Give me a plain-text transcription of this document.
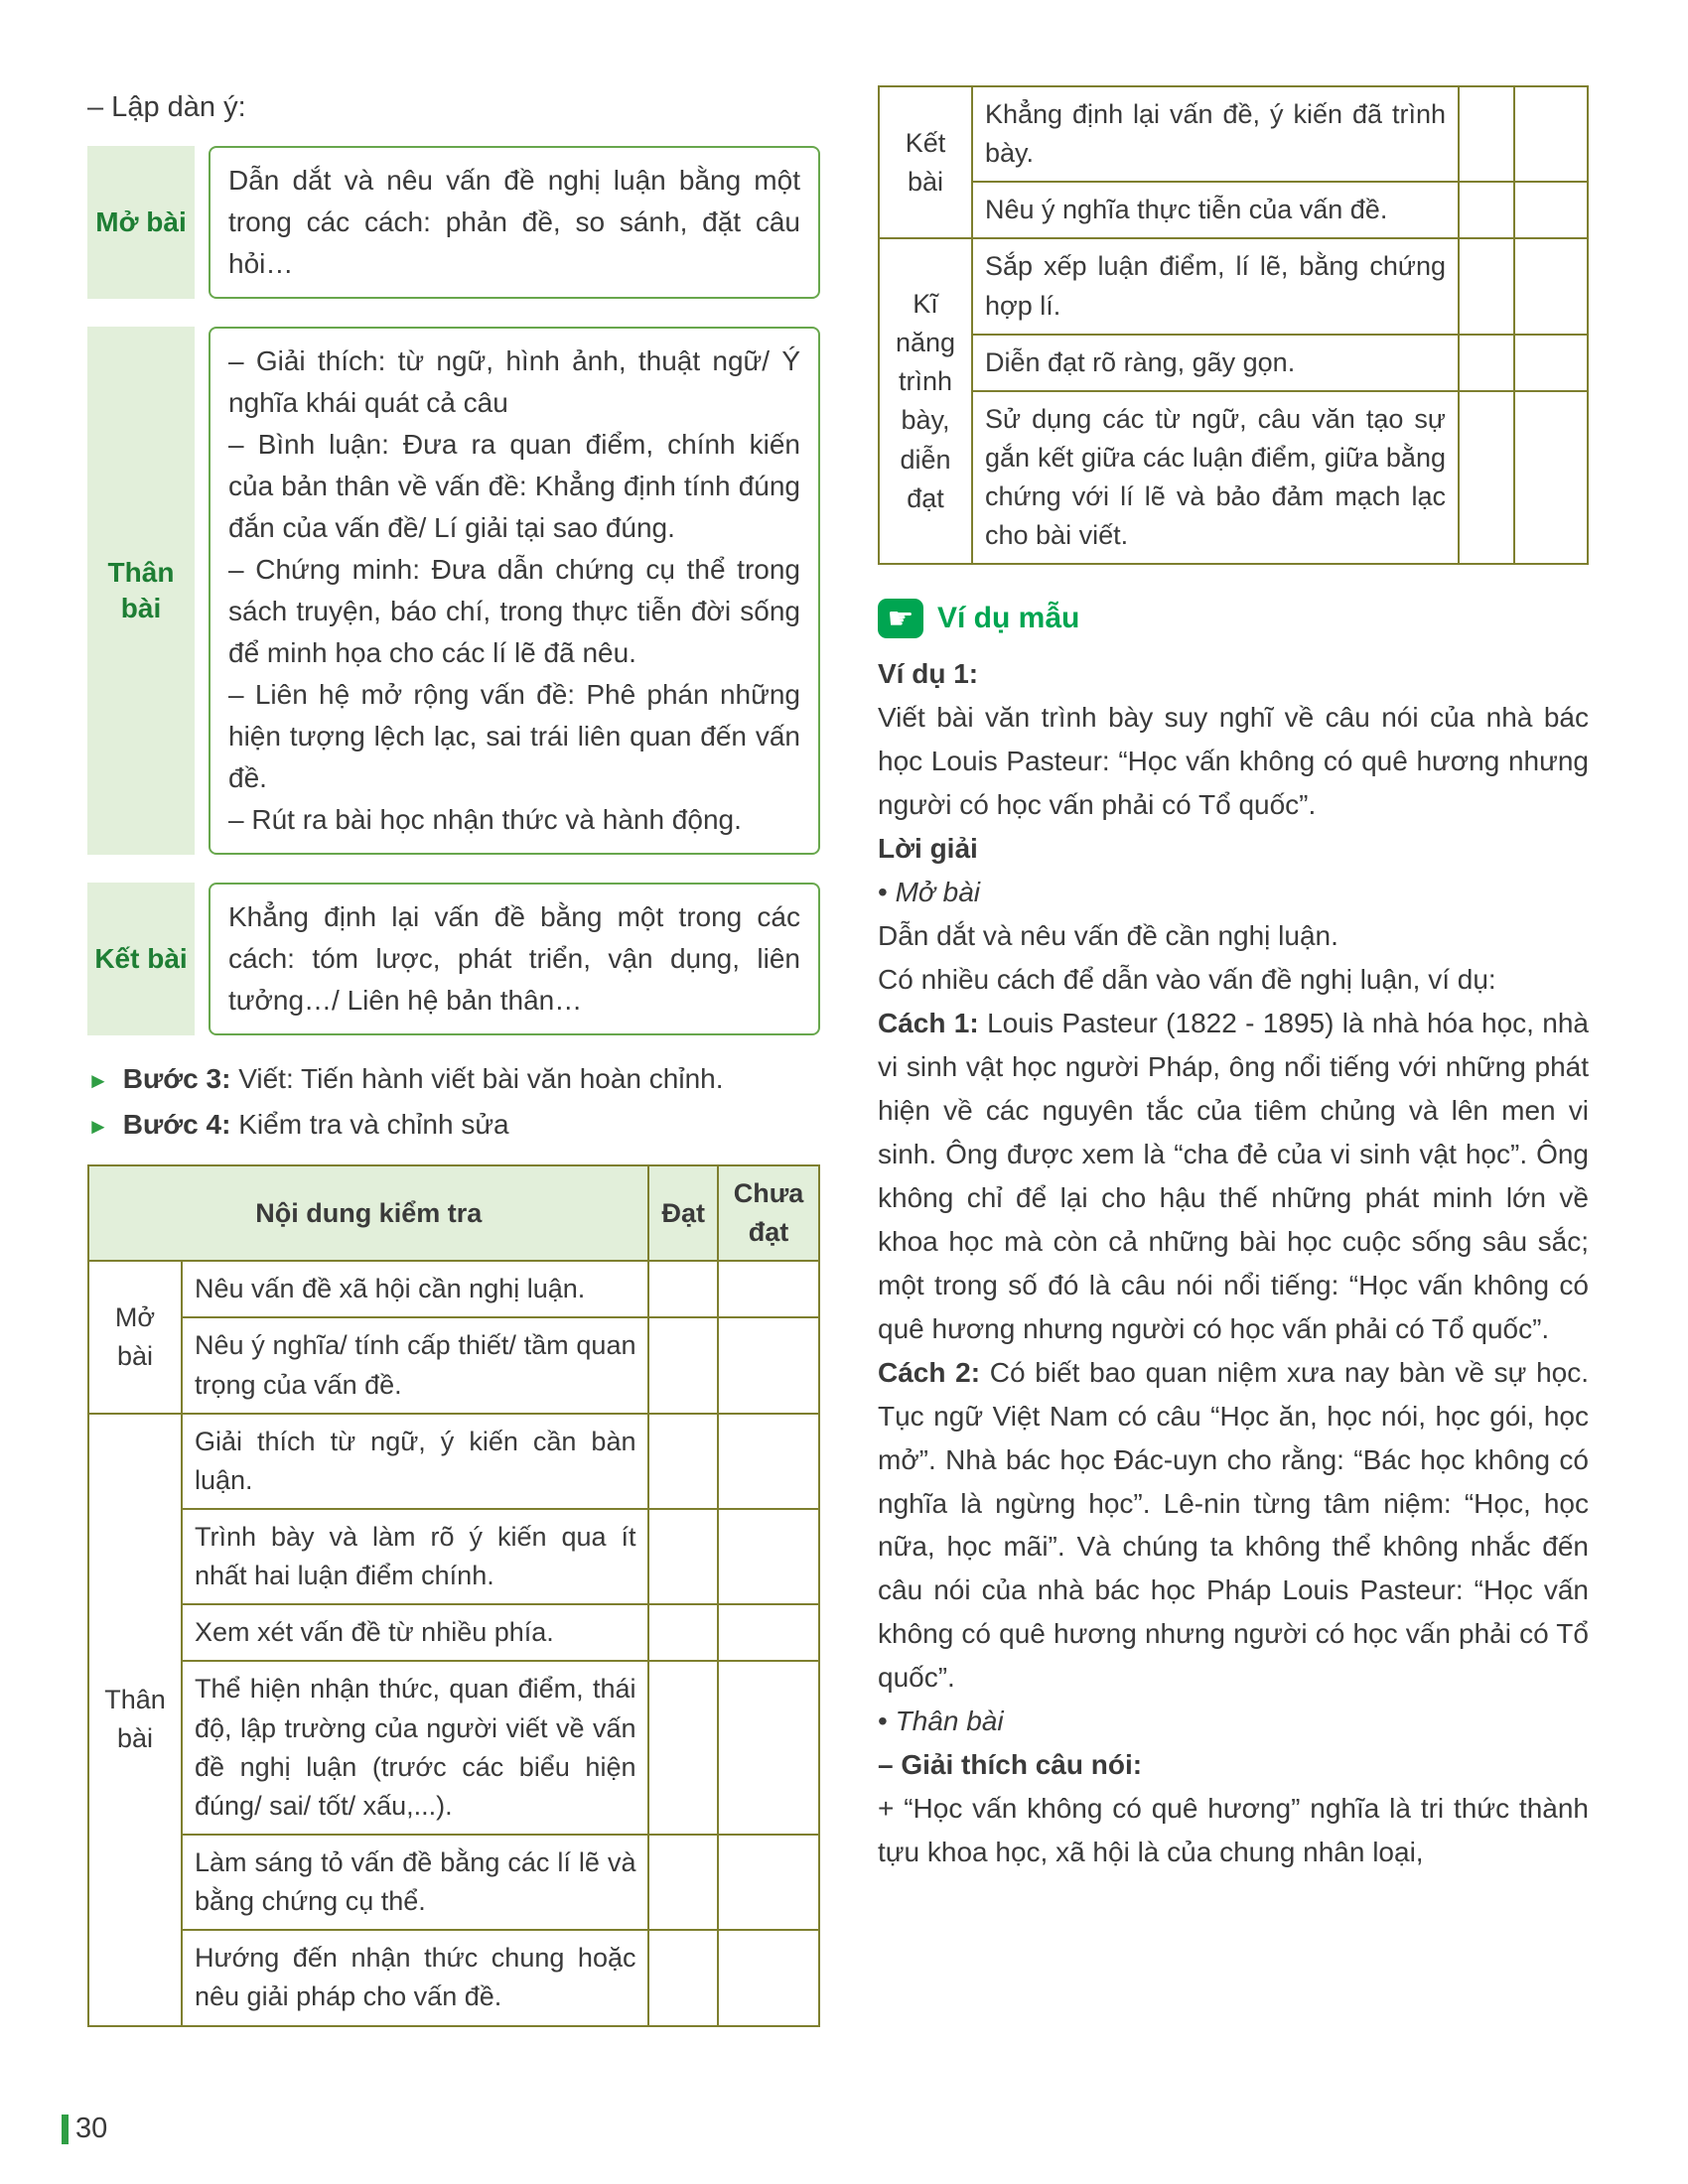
– Lập dàn ý:
Mở bài

Dẫn dắt và nêu vấn đề nghị luận bằng một trong các cách: phản đề, so sánh, đặt câu hỏi…

Thân bài

– Giải thích: từ ngữ, hình ảnh, thuật ngữ/ Ý nghĩa khái quát cả câu

– Bình luận: Đưa ra quan điểm, chính kiến của bản thân về vấn đề: Khẳng định tính đúng đắn của vấn đề/ Lí giải tại sao đúng.

– Chứng minh: Đưa dẫn chứng cụ thể trong sách truyện, báo chí, trong thực tiễn đời sống để minh họa cho các lí lẽ đã nêu.

– Liên hệ mở rộng vấn đề: Phê phán những hiện tượng lệch lạc, sai trái liên quan đến vấn đề.

– Rút ra bài học nhận thức và hành động.

Kết bài

Khẳng định lại vấn đề bằng một trong các cách: tóm lược, phát triển, vận dụng, liên tưởng…/ Liên hệ bản thân…

► Bước 3: Viết: Tiến hành viết bài văn hoàn chỉnh.
► Bước 4: Kiểm tra và chỉnh sửa
Nội dung kiểm tra		Đạt	Chưa đạt
Mở bài	Nêu vấn đề xã hội cần nghị luận.		
	Nêu ý nghĩa/ tính cấp thiết/ tầm quan trọng của vấn đề.		
Thân bài	Giải thích từ ngữ, ý kiến cần bàn luận.		
	Trình bày và làm rõ ý kiến qua ít nhất hai luận điểm chính.		
	Xem xét vấn đề từ nhiều phía.		
	Thể hiện nhận thức, quan điểm, thái độ, lập trường của người viết về vấn đề nghị luận (trước các biểu hiện đúng/ sai/ tốt/ xấu,...).		
	Làm sáng tỏ vấn đề bằng các lí lẽ và bằng chứng cụ thể.		
	Hướng đến nhận thức chung hoặc nêu giải pháp cho vấn đề.		
Kết bài	Khẳng định lại vấn đề, ý kiến đã trình bày.		
	Nêu ý nghĩa thực tiễn của vấn đề.		
Kĩ năng trình bày, diễn đạt	Sắp xếp luận điểm, lí lẽ, bằng chứng hợp lí.		
	Diễn đạt rõ ràng, gãy gọn.		
	Sử dụng các từ ngữ, câu văn tạo sự gắn kết giữa các luận điểm, giữa bằng chứng với lí lẽ và bảo đảm mạch lạc cho bài viết.		
☛ Ví dụ mẫu

Ví dụ 1:

Viết bài văn trình bày suy nghĩ về câu nói của nhà bác học Louis Pasteur: “Học vấn không có quê hương nhưng người có học vấn phải có Tổ quốc”.

Lời giải

• Mở bài

Dẫn dắt và nêu vấn đề cần nghị luận.

Có nhiều cách để dẫn vào vấn đề nghị luận, ví dụ:

Cách 1: Louis Pasteur (1822 - 1895) là nhà hóa học, nhà vi sinh vật học người Pháp, ông nổi tiếng với những phát hiện về các nguyên tắc của tiêm chủng và lên men vi sinh. Ông được xem là “cha đẻ của vi sinh vật học”. Ông không chỉ để lại cho hậu thế những phát minh lớn về khoa học mà còn cả những bài học cuộc sống sâu sắc; một trong số đó là câu nói nổi tiếng: “Học vấn không có quê hương nhưng người có học vấn phải có Tổ quốc”.

Cách 2: Có biết bao quan niệm xưa nay bàn về sự học. Tục ngữ Việt Nam có câu “Học ăn, học nói, học gói, học mở”. Nhà bác học Đác-uyn cho rằng: “Bác học không có nghĩa là ngừng học”. Lê-nin từng tâm niệm: “Học, học nữa, học mãi”. Và chúng ta không thể không nhắc đến câu nói của nhà bác học Pháp Louis Pasteur: “Học vấn không có quê hương nhưng người có học vấn phải có Tổ quốc”.

• Thân bài

– Giải thích câu nói:

+ “Học vấn không có quê hương” nghĩa là tri thức thành tựu khoa học, xã hội là của chung nhân loại,

30
